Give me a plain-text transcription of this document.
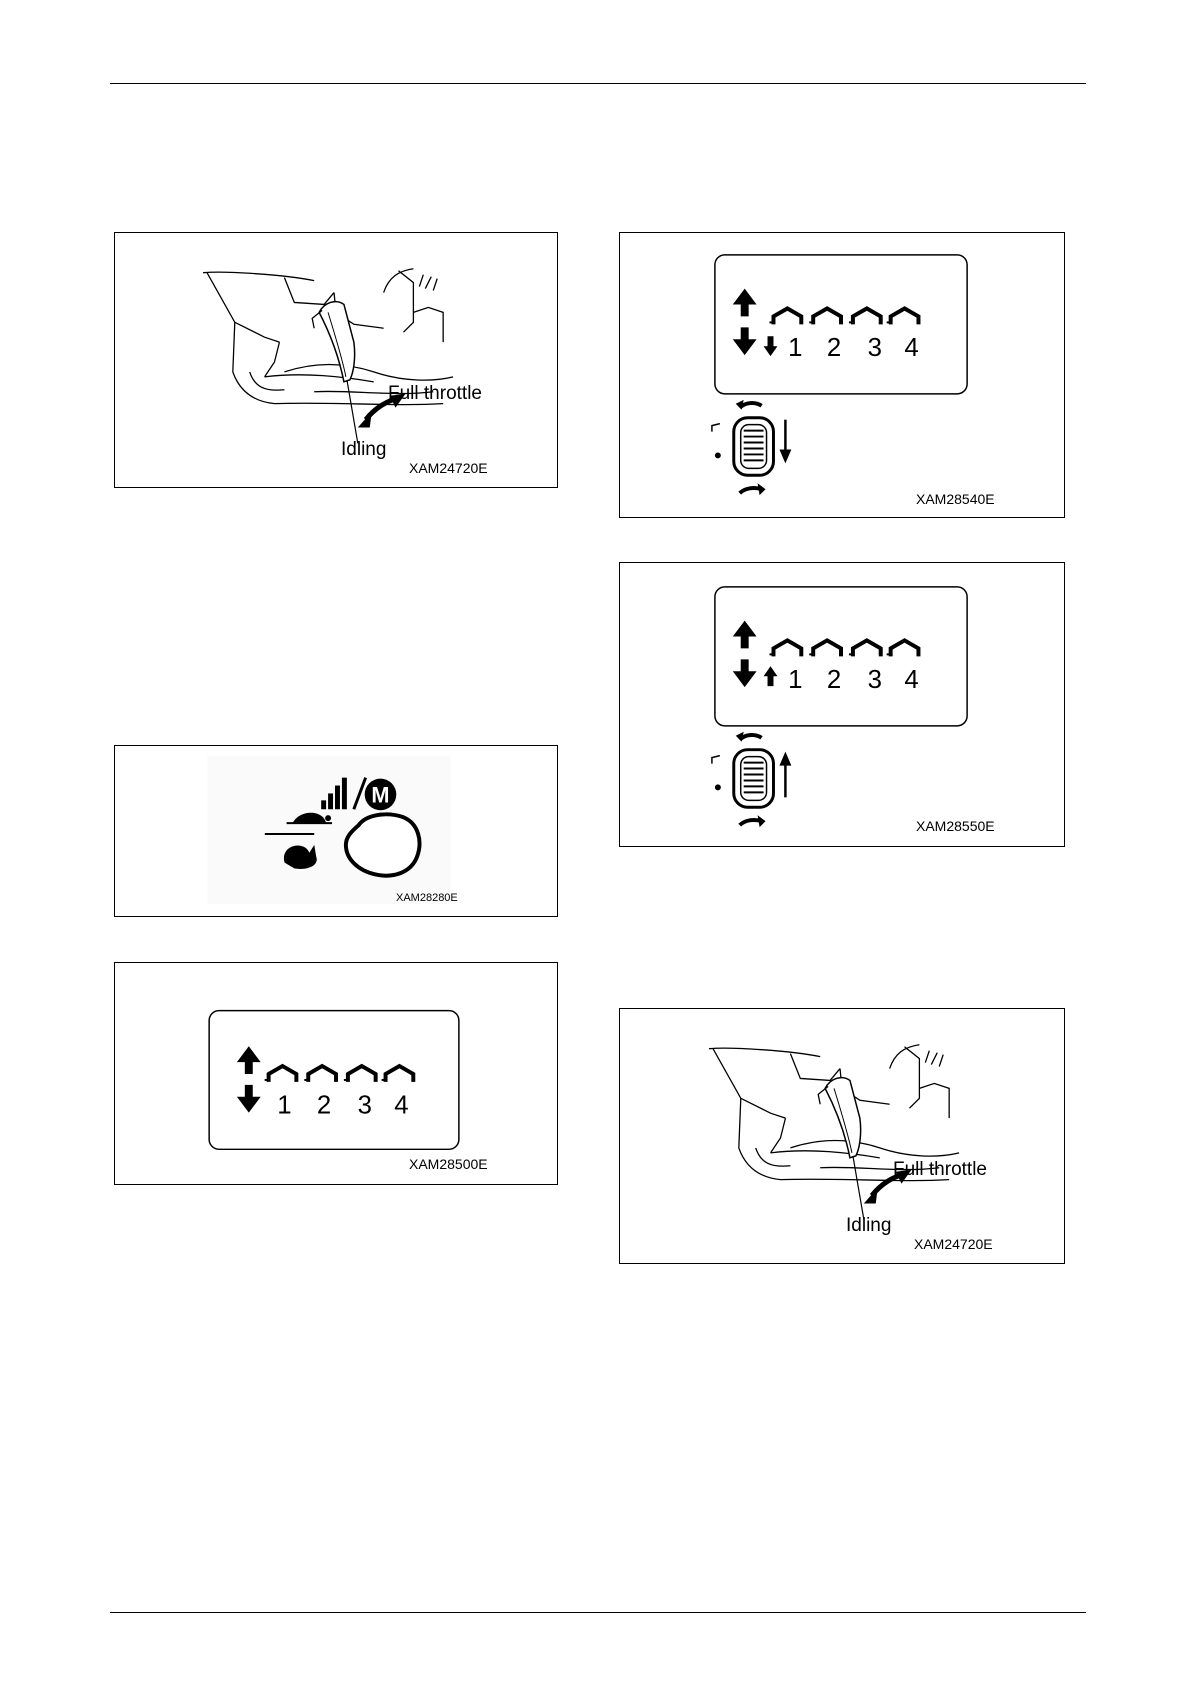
Full throttle
Idling
XAM24720E
M
XAM28280E
1 2 3 4
XAM28500E
1 2 3 4
XAM28540E
1 2 3 4
XAM28550E
Full throttle
Idling
XAM24720E
